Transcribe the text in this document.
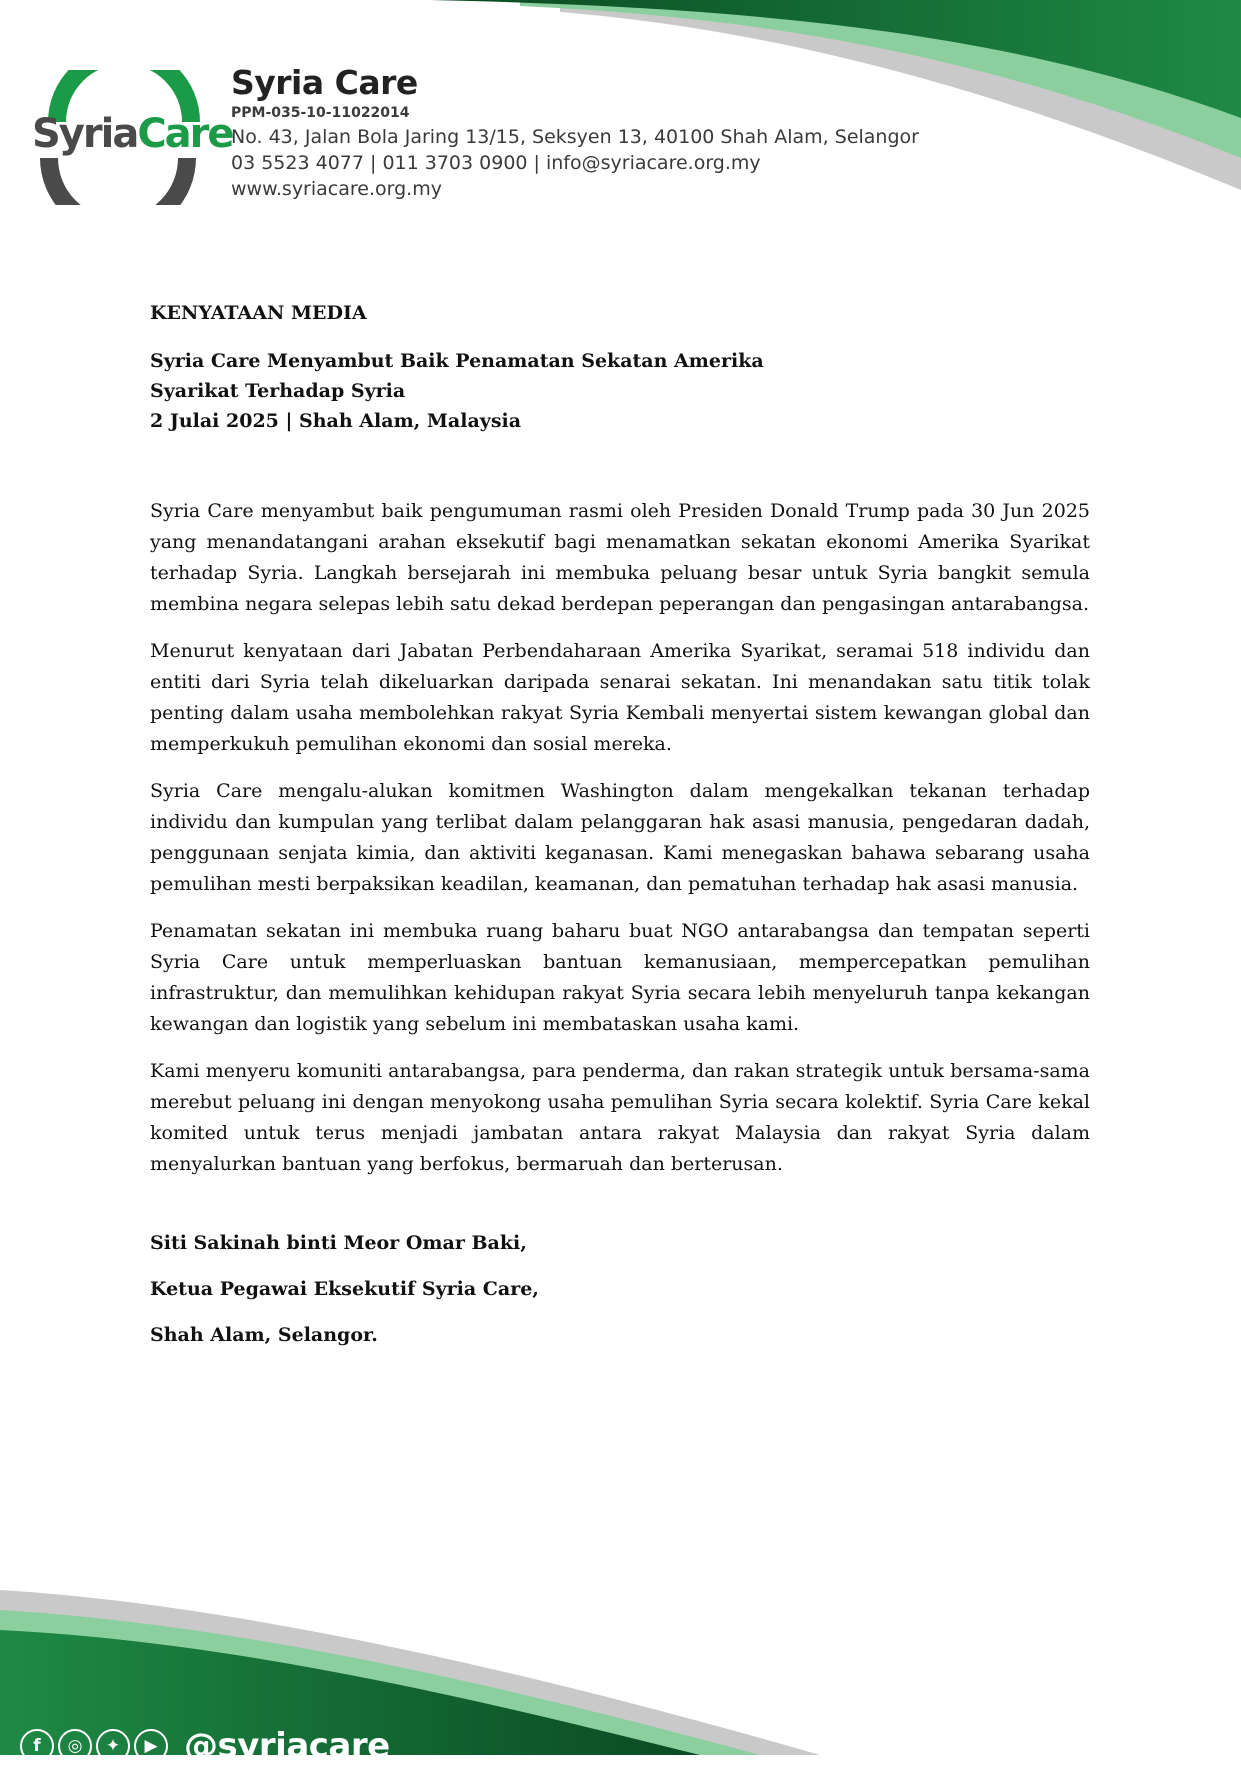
SyriaCare
Syria Care
PPM-035-10-11022014
No. 43, Jalan Bola Jaring 13/15, Seksyen 13, 40100 Shah Alam, Selangor
03 5523 4077 | 011 3703 0900 | info@syriacare.org.my
www.syriacare.org.my

KENYATAAN MEDIA

Syria Care Menyambut Baik Penamatan Sekatan Amerika
Syarikat Terhadap Syria

2 Julai 2025 | Shah Alam, Malaysia

Syria Care menyambut baik pengumuman rasmi oleh Presiden Donald Trump pada 30 Jun 2025 yang menandatangani arahan eksekutif bagi menamatkan sekatan ekonomi Amerika Syarikat terhadap Syria. Langkah bersejarah ini membuka peluang besar untuk Syria bangkit semula membina negara selepas lebih satu dekad berdepan peperangan dan pengasingan antarabangsa.

Menurut kenyataan dari Jabatan Perbendaharaan Amerika Syarikat, seramai 518 individu dan entiti dari Syria telah dikeluarkan daripada senarai sekatan. Ini menandakan satu titik tolak penting dalam usaha membolehkan rakyat Syria Kembali menyertai sistem kewangan global dan memperkukuh pemulihan ekonomi dan sosial mereka.

Syria Care mengalu-alukan komitmen Washington dalam mengekalkan tekanan terhadap individu dan kumpulan yang terlibat dalam pelanggaran hak asasi manusia, pengedaran dadah, penggunaan senjata kimia, dan aktiviti keganasan. Kami menegaskan bahawa sebarang usaha pemulihan mesti berpaksikan keadilan, keamanan, dan pematuhan terhadap hak asasi manusia.

Penamatan sekatan ini membuka ruang baharu buat NGO antarabangsa dan tempatan seperti Syria Care untuk memperluaskan bantuan kemanusiaan, mempercepatkan pemulihan infrastruktur, dan memulihkan kehidupan rakyat Syria secara lebih menyeluruh tanpa kekangan kewangan dan logistik yang sebelum ini membataskan usaha kami.

Kami menyeru komuniti antarabangsa, para penderma, dan rakan strategik untuk bersama-sama merebut peluang ini dengan menyokong usaha pemulihan Syria secara kolektif. Syria Care kekal komited untuk terus menjadi jambatan antara rakyat Malaysia dan rakyat Syria dalam menyalurkan bantuan yang berfokus, bermaruah dan berterusan.

Siti Sakinah binti Meor Omar Baki,

Ketua Pegawai Eksekutif Syria Care,

Shah Alam, Selangor.

f	◎	✦	▶ @syriacare
